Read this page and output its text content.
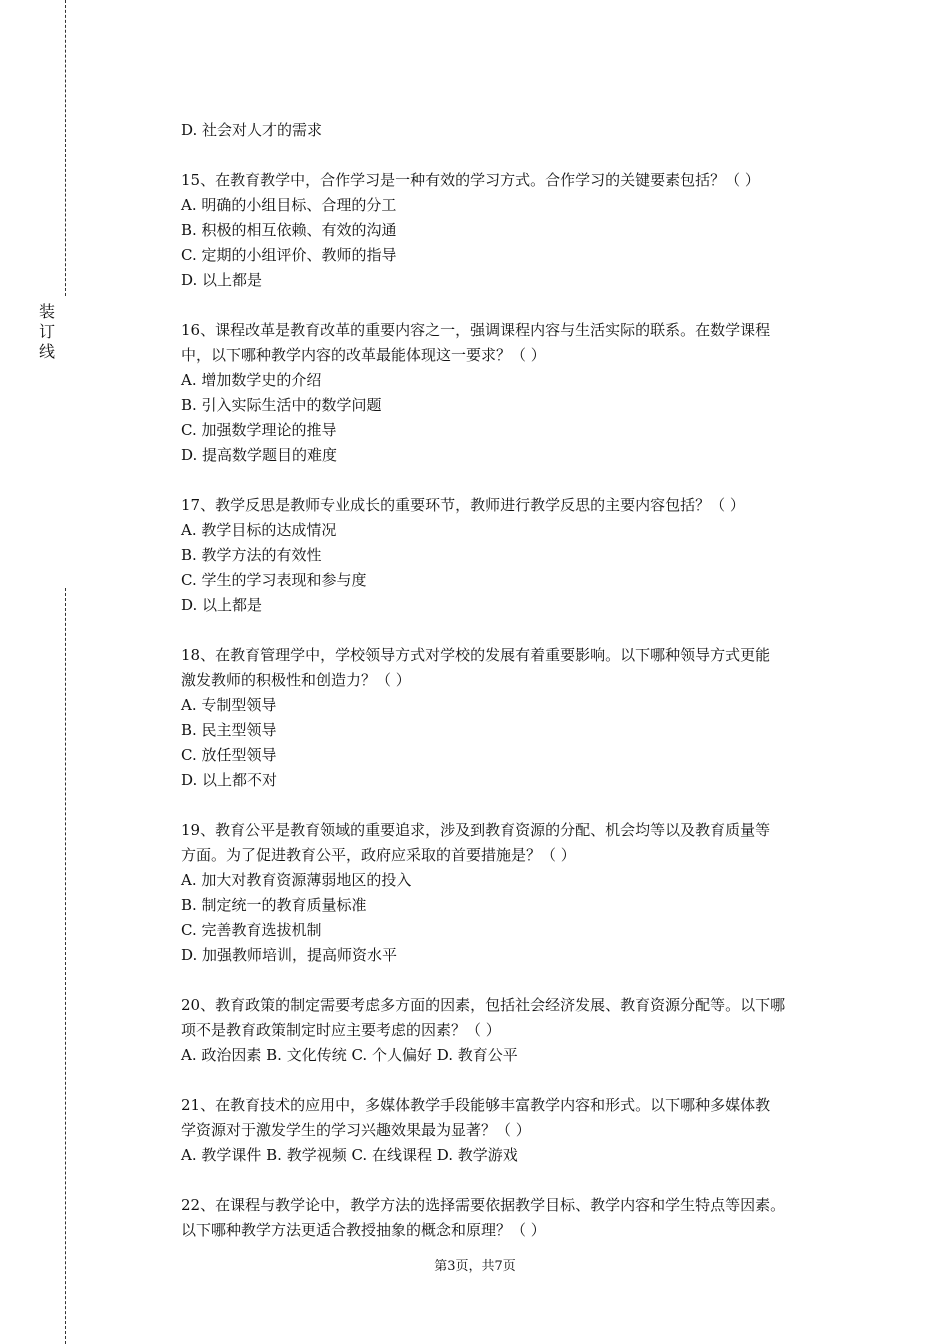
装
订
线
D. 社会对人才的需求
15、在教育教学中，合作学习是一种有效的学习方式。合作学习的关键要素包括？（ ）
A. 明确的小组目标、合理的分工
B. 积极的相互依赖、有效的沟通
C. 定期的小组评价、教师的指导
D. 以上都是
16、课程改革是教育改革的重要内容之一，强调课程内容与生活实际的联系。在数学课程
中，以下哪种教学内容的改革最能体现这一要求？（ ）
A. 增加数学史的介绍
B. 引入实际生活中的数学问题
C. 加强数学理论的推导
D. 提高数学题目的难度
17、教学反思是教师专业成长的重要环节，教师进行教学反思的主要内容包括？（ ）
A. 教学目标的达成情况
B. 教学方法的有效性
C. 学生的学习表现和参与度
D. 以上都是
18、在教育管理学中，学校领导方式对学校的发展有着重要影响。以下哪种领导方式更能
激发教师的积极性和创造力？（ ）
A. 专制型领导
B. 民主型领导
C. 放任型领导
D. 以上都不对
19、教育公平是教育领域的重要追求，涉及到教育资源的分配、机会均等以及教育质量等
方面。为了促进教育公平，政府应采取的首要措施是？（ ）
A. 加大对教育资源薄弱地区的投入
B. 制定统一的教育质量标准
C. 完善教育选拔机制
D. 加强教师培训，提高师资水平
20、教育政策的制定需要考虑多方面的因素，包括社会经济发展、教育资源分配等。以下哪
项不是教育政策制定时应主要考虑的因素？（ ）
A. 政治因素 B. 文化传统 C. 个人偏好 D. 教育公平
21、在教育技术的应用中，多媒体教学手段能够丰富教学内容和形式。以下哪种多媒体教
学资源对于激发学生的学习兴趣效果最为显著？（ ）
A. 教学课件 B. 教学视频 C. 在线课程 D. 教学游戏
22、在课程与教学论中，教学方法的选择需要依据教学目标、教学内容和学生特点等因素。
以下哪种教学方法更适合教授抽象的概念和原理？（ ）
第3页，共7页
